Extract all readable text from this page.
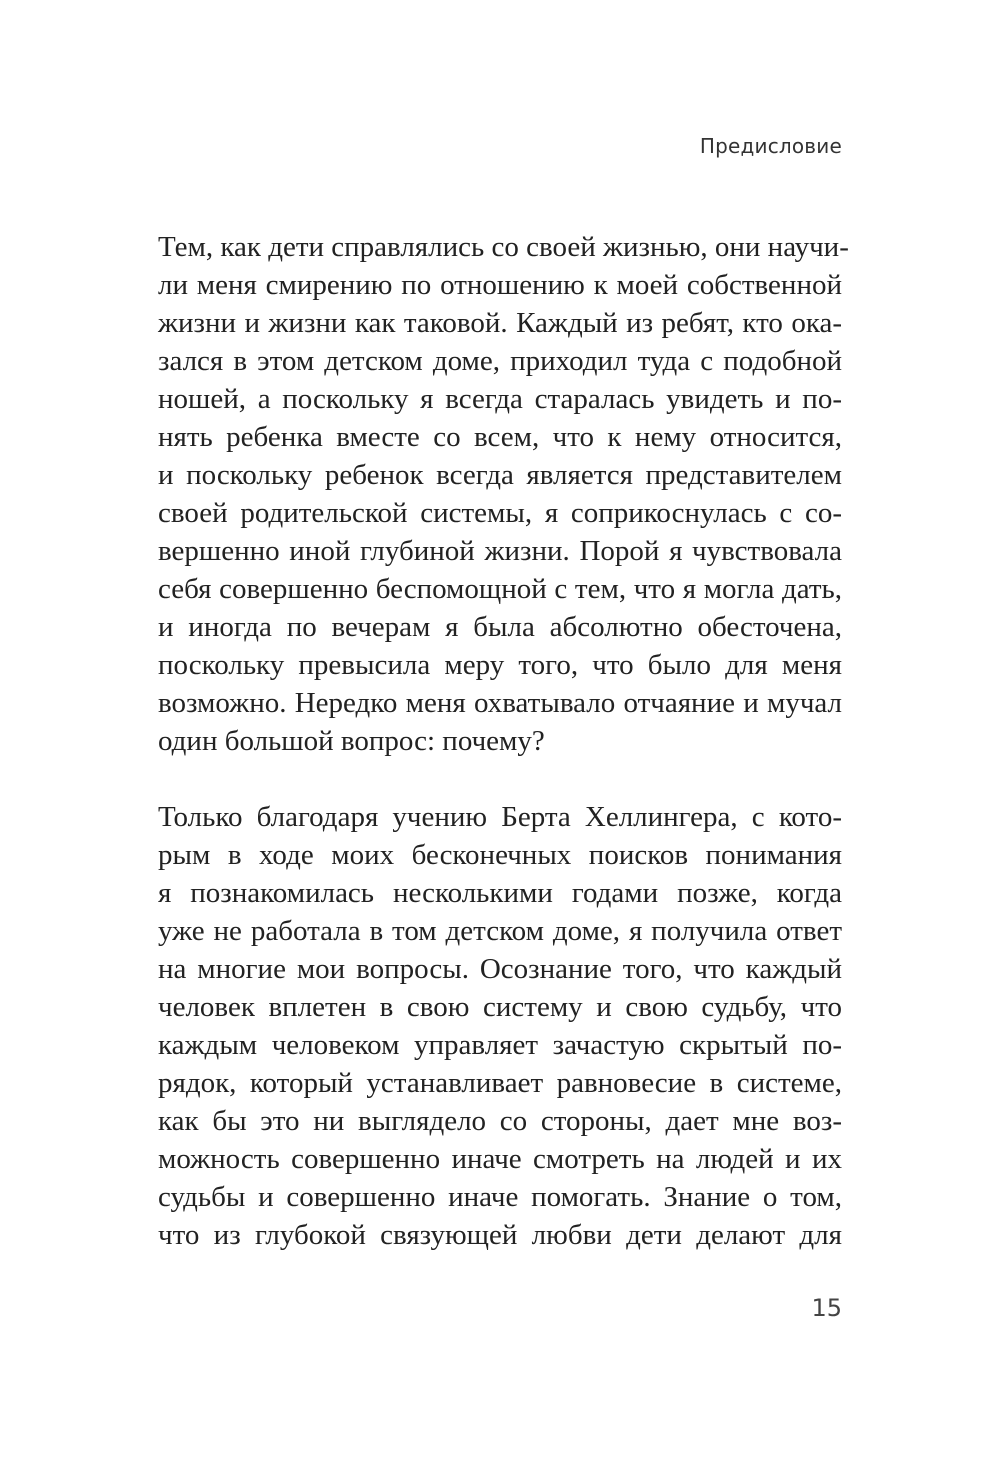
Предисловие
Тем, как дети справлялись со своей жизнью, они научи-
ли меня смирению по отношению к моей собственной
жизни и жизни как таковой. Каждый из ребят, кто ока-
зался в этом детском доме, приходил туда с подобной
ношей, а поскольку я всегда старалась увидеть и по-
нять ребенка вместе со всем, что к нему относится,
и поскольку ребенок всегда является представителем
своей родительской системы, я соприкоснулась с со-
вершенно иной глубиной жизни. Порой я чувствовала
себя совершенно беспомощной с тем, что я могла дать,
и иногда по вечерам я была абсолютно обесточена,
поскольку превысила меру того, что было для меня
возможно. Нередко меня охватывало отчаяние и мучал
один большой вопрос: почему?
Только благодаря учению Берта Хеллингера, с кото-
рым в ходе моих бесконечных поисков понимания
я познакомилась несколькими годами позже, когда
уже не работала в том детском доме, я получила ответ
на многие мои вопросы. Осознание того, что каждый
человек вплетен в свою систему и свою судьбу, что
каждым человеком управляет зачастую скрытый по-
рядок, который устанавливает равновесие в системе,
как бы это ни выглядело со стороны, дает мне воз-
можность совершенно иначе смотреть на людей и их
судьбы и совершенно иначе помогать. Знание о том,
что из глубокой связующей любви дети делают для
15
